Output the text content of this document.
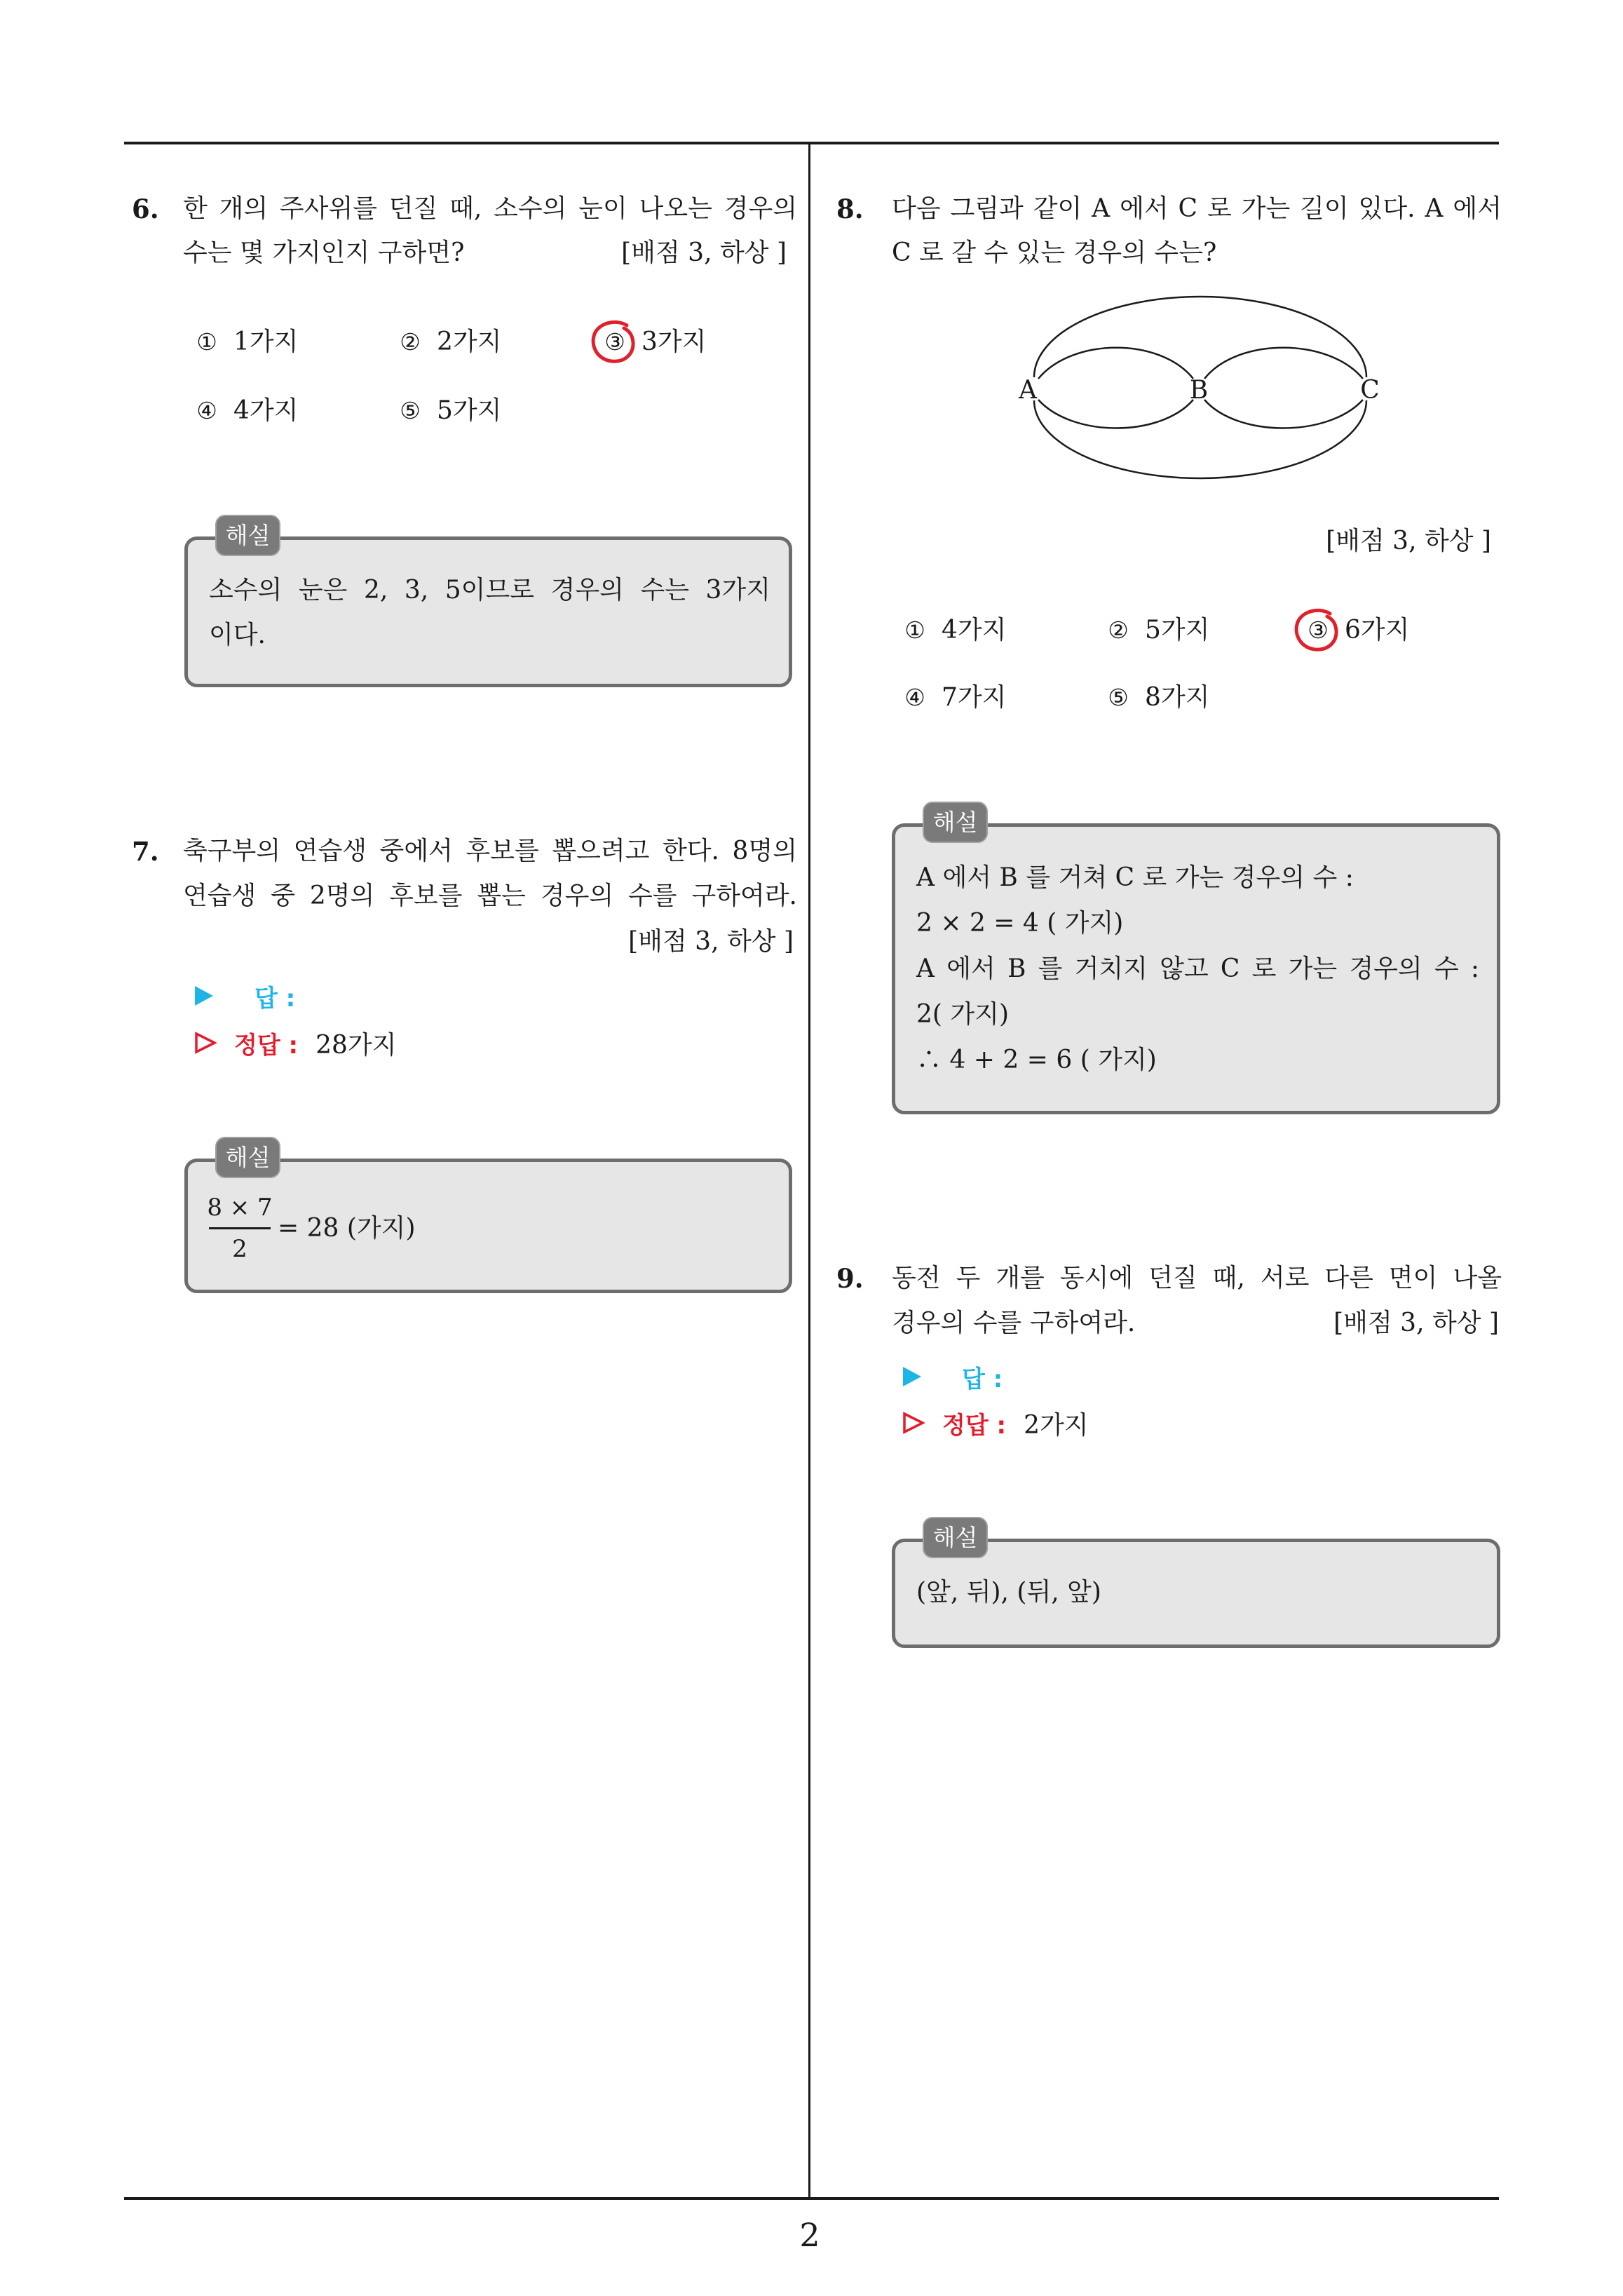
6. 한 개의 주사위를 던질 때, 소수의 눈이 나오는 경우의
수는 몇 가지인지 구하면?	[배점 3, 하상 ]
① 1가지	② 2가지	③ 3가지
④ 4가지	⑤ 5가지
해설
소수의 눈은 2, 3, 5이므로 경우의 수는 3가지
이다.
7. 축구부의 연습생 중에서 후보를 뽑으려고 한다. 8명의
연습생 중 2명의 후보를 뽑는 경우의 수를 구하여라.
[배점 3, 하상 ]
답 :
정답 : 28가지
해설
$\frac{8 \times 7}{2} = 28$ (가지)
8. 다음 그림과 같이 A 에서 C 로 가는 길이 있다. A 에서
C 로 갈 수 있는 경우의 수는?
A	B	C
[배점 3, 하상 ]
① 4가지	② 5가지	③ 6가지
④ 7가지	⑤ 8가지
해설
A 에서 B 를 거쳐 C 로 가는 경우의 수 :
2 × 2 = 4 ( 가지)
A 에서 B 를 거치지 않고 C 로 가는 경우의 수 :
2( 가지)
∴ 4 + 2 = 6 ( 가지)
9. 동전 두 개를 동시에 던질 때, 서로 다른 면이 나올
경우의 수를 구하여라.	[배점 3, 하상 ]
답 :
정답 : 2가지
해설
(앞, 뒤), (뒤, 앞)
2
